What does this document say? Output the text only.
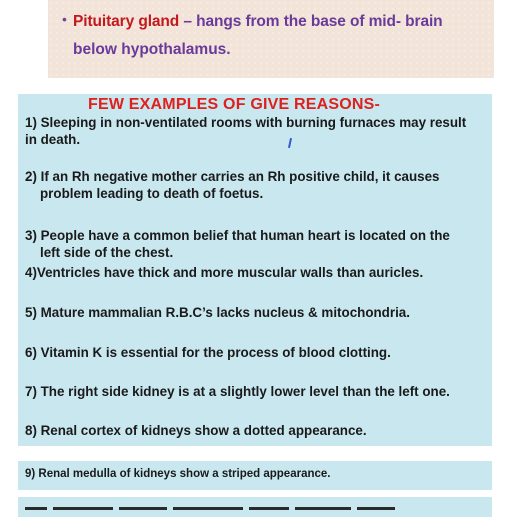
• Pituitary gland – hangs from the base of mid- brain
below hypothalamus.
FEW EXAMPLES OF GIVE REASONS-
1) Sleeping in non-ventilated rooms with burning furnaces may result
in death.
2) If an Rh negative mother carries an Rh positive child, it causes
problem leading to death of foetus.
3) People have a common belief that human heart is located on the
left side of the chest.
4)Ventricles have thick and more muscular walls than auricles.
5) Mature mammalian R.B.C’s lacks nucleus & mitochondria.
6) Vitamin K is essential for the process of blood clotting.
7) The right side kidney is at a slightly lower level than the left one.
8) Renal cortex of kidneys show a dotted appearance.
9) Renal medulla of kidneys show a striped appearance.
